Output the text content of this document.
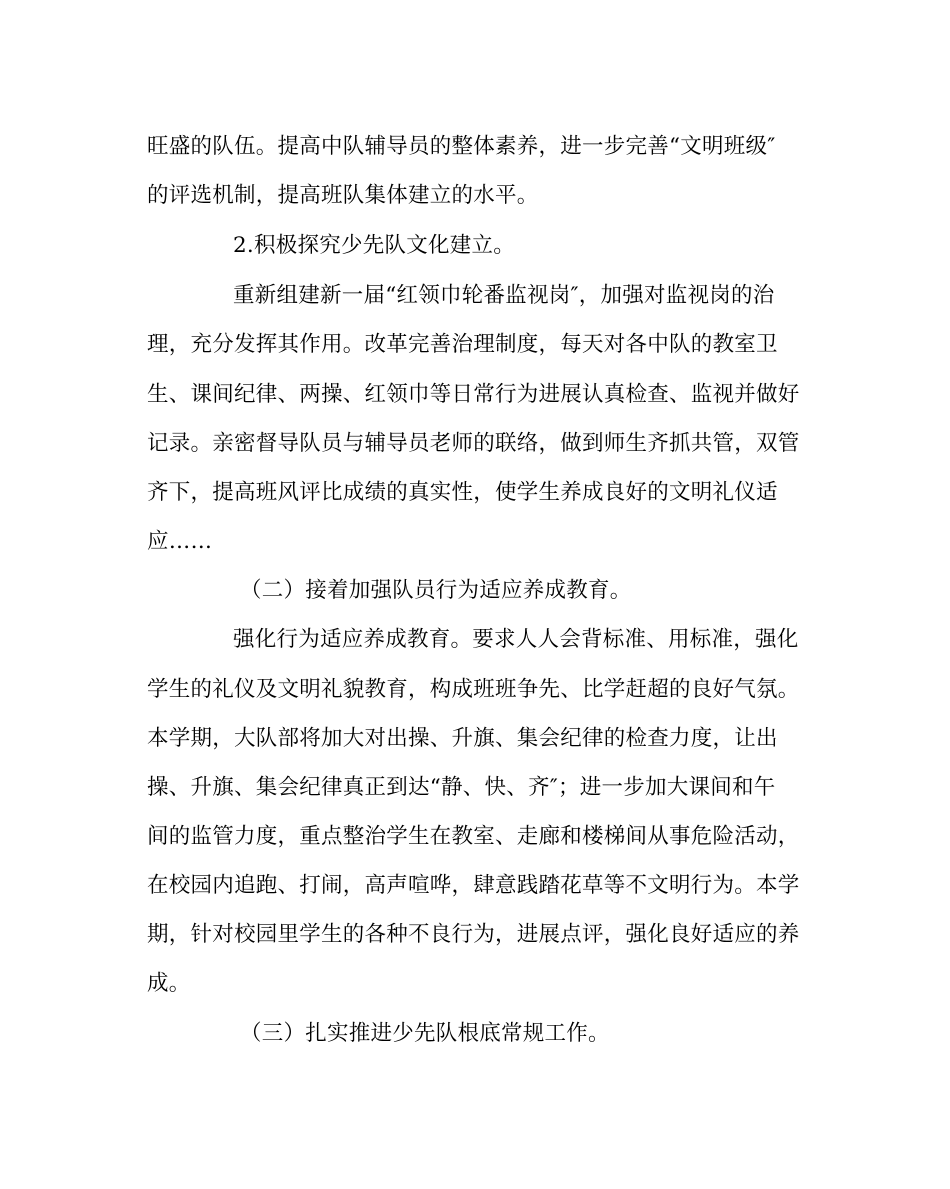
旺盛的队伍。提高中队辅导员的整体素养，进一步完善“文明班级″

的评选机制，提高班队集体建立的水平。

2.积极探究少先队文化建立。

重新组建新一届“红领巾轮番监视岗″，加强对监视岗的治

理，充分发挥其作用。改革完善治理制度，每天对各中队的教室卫

生、课间纪律、两操、红领巾等日常行为进展认真检查、监视并做好

记录。亲密督导队员与辅导员老师的联络，做到师生齐抓共管，双管

齐下，提高班风评比成绩的真实性，使学生养成良好的文明礼仪适

应……

（二）接着加强队员行为适应养成教育。

强化行为适应养成教育。要求人人会背标准、用标准，强化

学生的礼仪及文明礼貌教育，构成班班争先、比学赶超的良好气氛。

本学期，大队部将加大对出操、升旗、集会纪律的检查力度，让出

操、升旗、集会纪律真正到达“静、快、齐″；进一步加大课间和午

间的监管力度，重点整治学生在教室、走廊和楼梯间从事危险活动，

在校园内追跑、打闹，高声喧哗，肆意践踏花草等不文明行为。本学

期，针对校园里学生的各种不良行为，进展点评，强化良好适应的养

成。

（三）扎实推进少先队根底常规工作。
